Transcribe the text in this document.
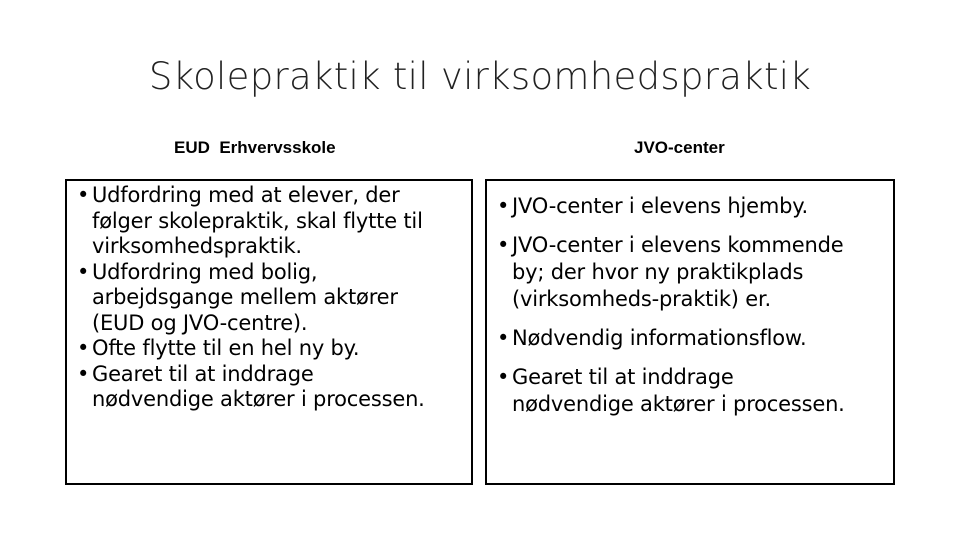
Skolepraktik til virksomhedspraktik
EUD  Erhvervsskole	JVO-center
• Udfordring med at elever, der
følger skolepraktik, skal flytte til
virksomhedspraktik.
• Udfordring med bolig,
arbejdsgange mellem aktører
(EUD og JVO-centre).
• Ofte flytte til en hel ny by.
• Gearet til at inddrage
nødvendige aktører i processen.
• JVO-center i elevens hjemby.
• JVO-center i elevens kommende
by; der hvor ny praktikplads
(virksomheds-praktik) er.
• Nødvendig informationsflow.
• Gearet til at inddrage
nødvendige aktører i processen.
